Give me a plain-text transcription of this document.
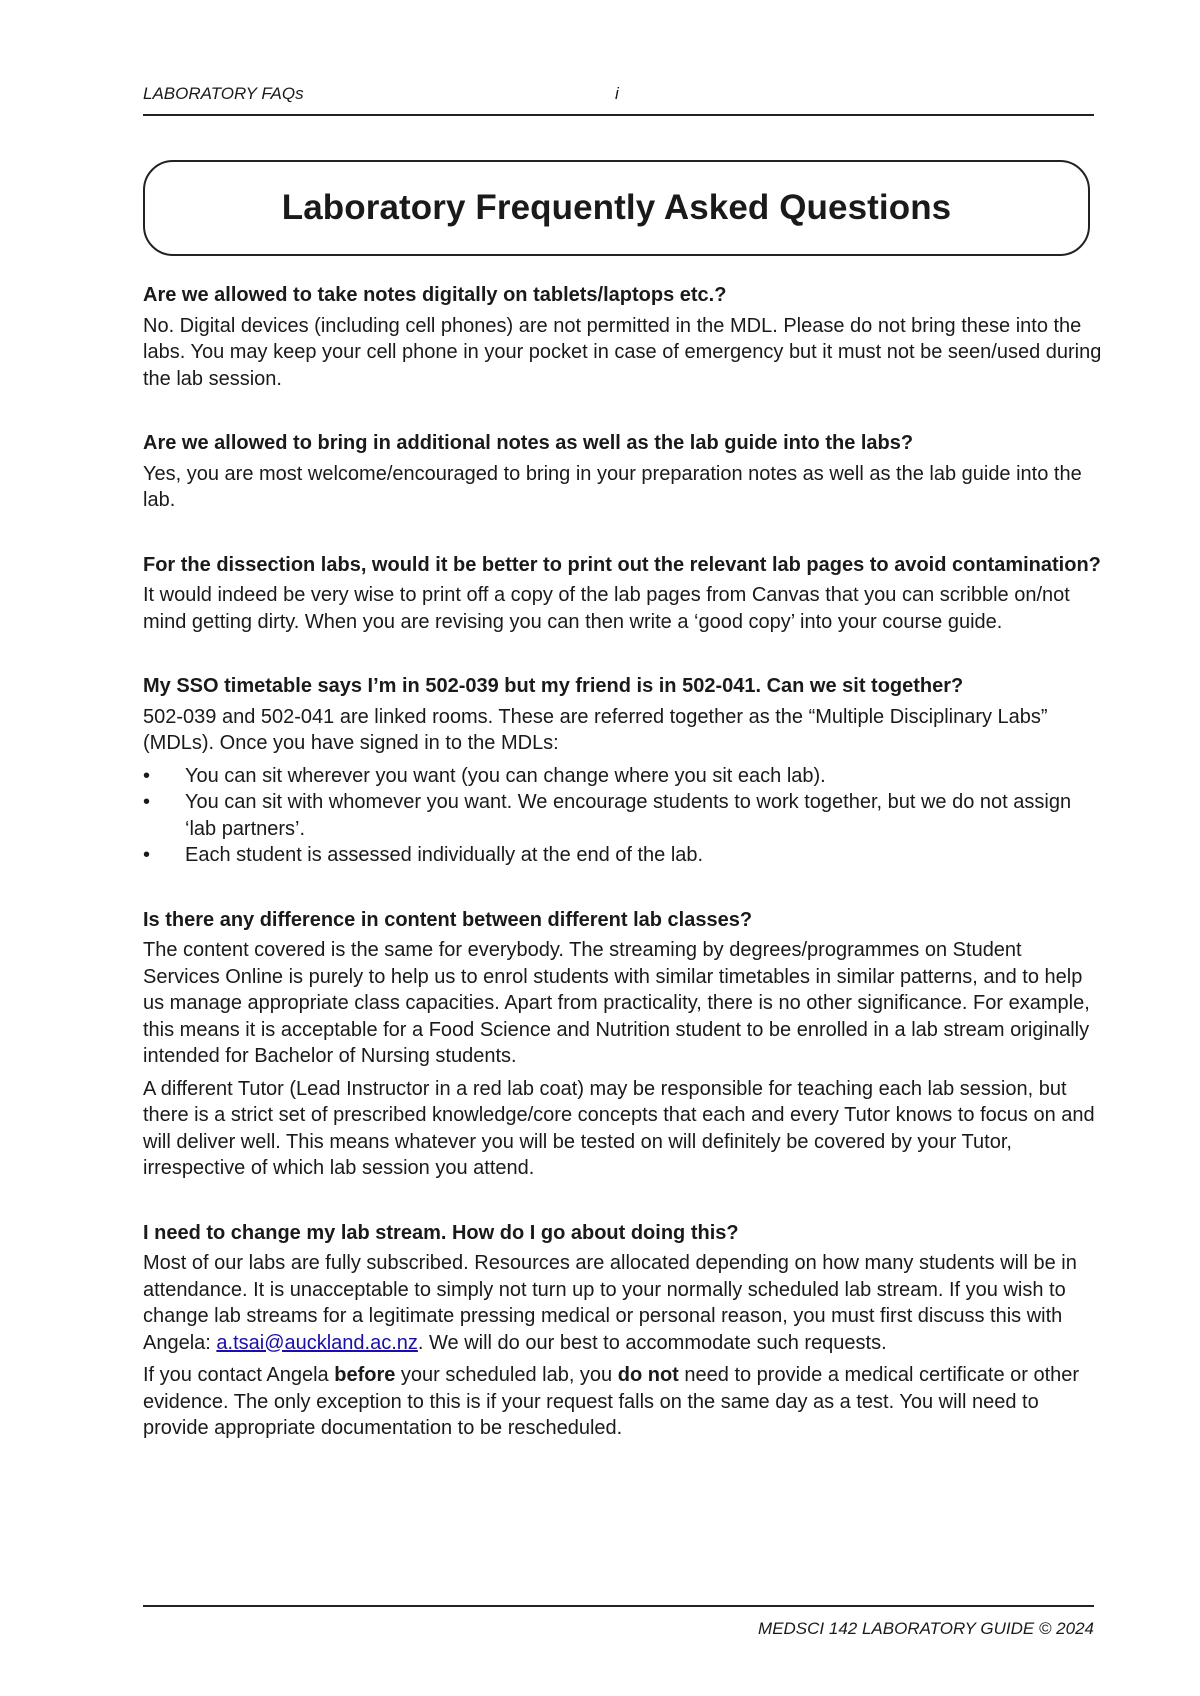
LABORATORY FAQs	i
Laboratory Frequently Asked Questions
Are we allowed to take notes digitally on tablets/laptops etc.?

No. Digital devices (including cell phones) are not permitted in the MDL. Please do not bring these into the labs. You may keep your cell phone in your pocket in case of emergency but it must not be seen/used during the lab session.

Are we allowed to bring in additional notes as well as the lab guide into the labs?

Yes, you are most welcome/encouraged to bring in your preparation notes as well as the lab guide into the lab.

For the dissection labs, would it be better to print out the relevant lab pages to avoid contamination?

It would indeed be very wise to print off a copy of the lab pages from Canvas that you can scribble on/not mind getting dirty. When you are revising you can then write a ‘good copy’ into your course guide.

My SSO timetable says I’m in 502-039 but my friend is in 502-041. Can we sit together?

502-039 and 502-041 are linked rooms. These are referred together as the “Multiple Disciplinary Labs” (MDLs). Once you have signed in to the MDLs:

• You can sit wherever you want (you can change where you sit each lab).
• You can sit with whomever you want. We encourage students to work together, but we do not assign ‘lab partners’.
• Each student is assessed individually at the end of the lab.
Is there any difference in content between different lab classes?

The content covered is the same for everybody. The streaming by degrees/programmes on Student Services Online is purely to help us to enrol students with similar timetables in similar patterns, and to help us manage appropriate class capacities. Apart from practicality, there is no other significance. For example, this means it is acceptable for a Food Science and Nutrition student to be enrolled in a lab stream originally intended for Bachelor of Nursing students.

A different Tutor (Lead Instructor in a red lab coat) may be responsible for teaching each lab session, but there is a strict set of prescribed knowledge/core concepts that each and every Tutor knows to focus on and will deliver well. This means whatever you will be tested on will definitely be covered by your Tutor, irrespective of which lab session you attend.

I need to change my lab stream. How do I go about doing this?

Most of our labs are fully subscribed. Resources are allocated depending on how many students will be in attendance. It is unacceptable to simply not turn up to your normally scheduled lab stream. If you wish to change lab streams for a legitimate pressing medical or personal reason, you must first discuss this with Angela: a.tsai@auckland.ac.nz. We will do our best to accommodate such requests.

If you contact Angela before your scheduled lab, you do not need to provide a medical certificate or other evidence. The only exception to this is if your request falls on the same day as a test. You will need to provide appropriate documentation to be rescheduled.

MEDSCI 142 LABORATORY GUIDE © 2024
